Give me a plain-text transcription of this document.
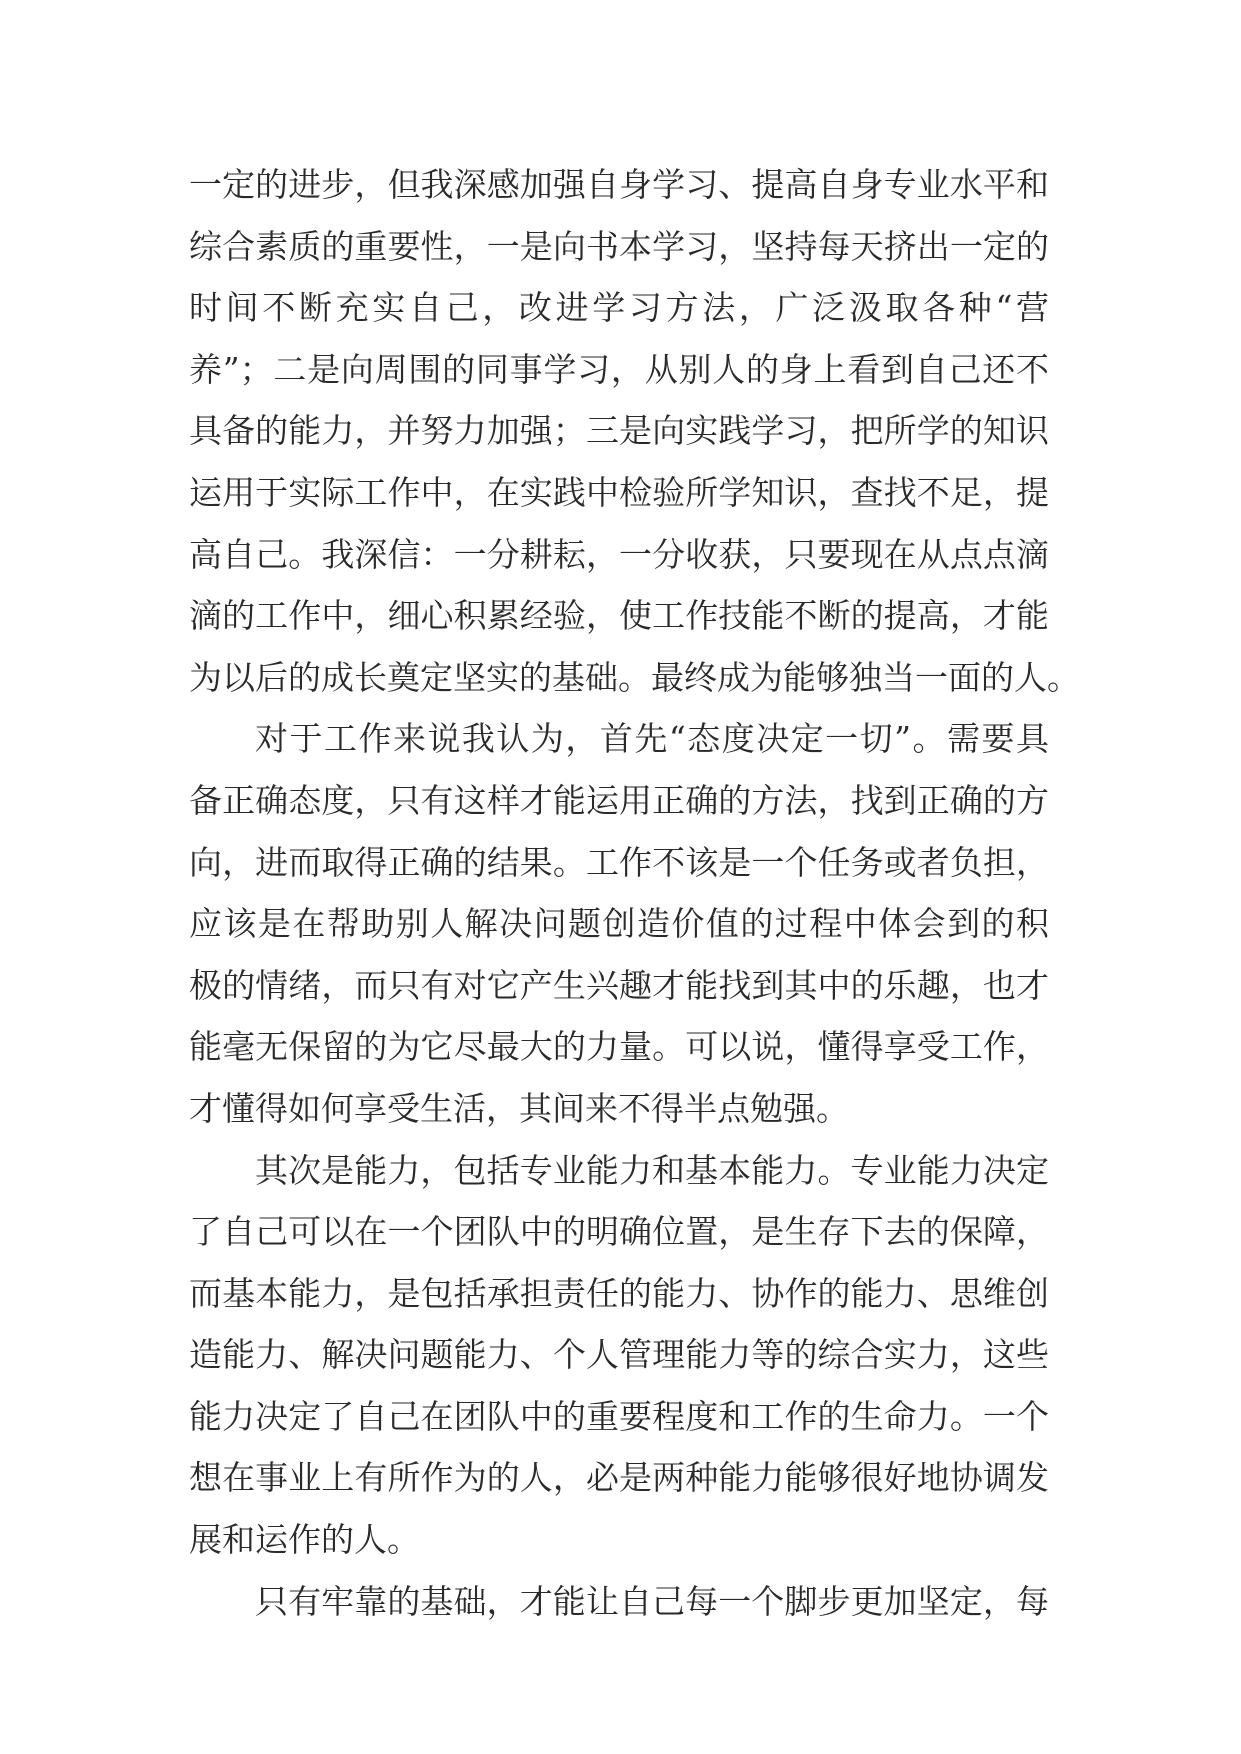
一定的进步，但我深感加强自身学习、提高自身专业水平和
综合素质的重要性，一是向书本学习，坚持每天挤出一定的
时间不断充实自己，改进学习方法，广泛汲取各种“营
养”；二是向周围的同事学习，从别人的身上看到自己还不
具备的能力，并努力加强；三是向实践学习，把所学的知识
运用于实际工作中，在实践中检验所学知识，查找不足，提
高自己。我深信：一分耕耘，一分收获，只要现在从点点滴
滴的工作中，细心积累经验，使工作技能不断的提高，才能
为以后的成长奠定坚实的基础。最终成为能够独当一面的人。
对于工作来说我认为，首先“态度决定一切”。需要具
备正确态度，只有这样才能运用正确的方法，找到正确的方
向，进而取得正确的结果。工作不该是一个任务或者负担，
应该是在帮助别人解决问题创造价值的过程中体会到的积
极的情绪，而只有对它产生兴趣才能找到其中的乐趣，也才
能毫无保留的为它尽最大的力量。可以说，懂得享受工作，
才懂得如何享受生活，其间来不得半点勉强。
其次是能力，包括专业能力和基本能力。专业能力决定
了自己可以在一个团队中的明确位置，是生存下去的保障，
而基本能力，是包括承担责任的能力、协作的能力、思维创
造能力、解决问题能力、个人管理能力等的综合实力，这些
能力决定了自己在团队中的重要程度和工作的生命力。一个
想在事业上有所作为的人，必是两种能力能够很好地协调发
展和运作的人。
只有牢靠的基础，才能让自己每一个脚步更加坚定，每
